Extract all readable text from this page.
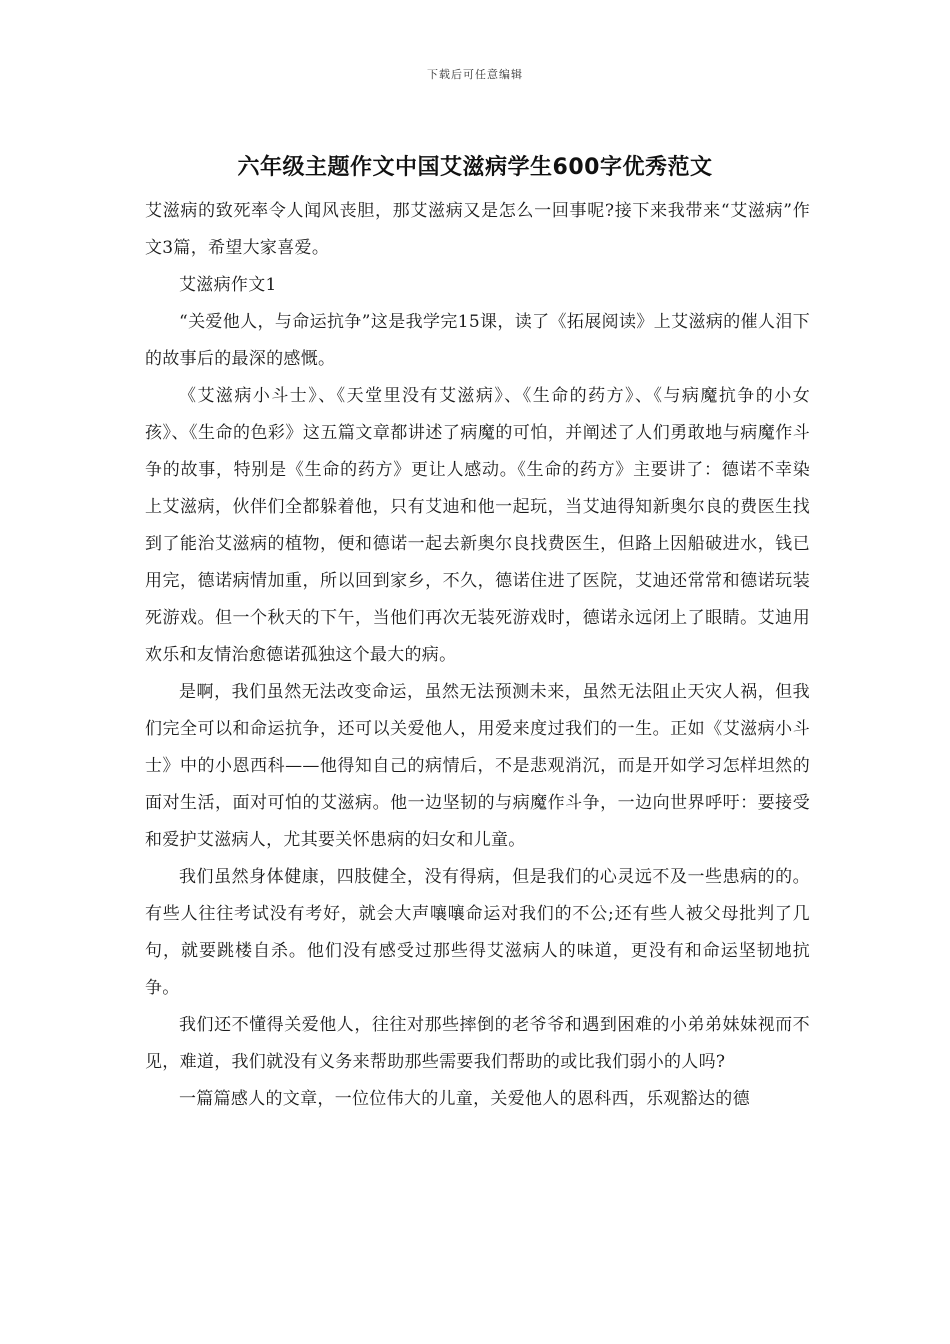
下载后可任意编辑
六年级主题作文中国艾滋病学生600字优秀范文

艾滋病的致死率令人闻风丧胆，那艾滋病又是怎么一回事呢?接下来我带来“艾滋病”作文3篇，希望大家喜爱。

艾滋病作文1

“关爱他人，与命运抗争”这是我学完15课，读了《拓展阅读》上艾滋病的催人泪下的故事后的最深的感慨。

《艾滋病小斗士》、《天堂里没有艾滋病》、《生命的药方》、《与病魔抗争的小女孩》、《生命的色彩》这五篇文章都讲述了病魔的可怕，并阐述了人们勇敢地与病魔作斗争的故事，特别是《生命的药方》更让人感动。《生命的药方》主要讲了：德诺不幸染上艾滋病，伙伴们全都躲着他，只有艾迪和他一起玩，当艾迪得知新奥尔良的费医生找到了能治艾滋病的植物，便和德诺一起去新奥尔良找费医生，但路上因船破进水，钱已用完，德诺病情加重，所以回到家乡，不久，德诺住进了医院，艾迪还常常和德诺玩装死游戏。但一个秋天的下午，当他们再次无装死游戏时，德诺永远闭上了眼睛。艾迪用欢乐和友情治愈德诺孤独这个最大的病。

是啊，我们虽然无法改变命运，虽然无法预测未来，虽然无法阻止天灾人祸，但我们完全可以和命运抗争，还可以关爱他人，用爱来度过我们的一生。正如《艾滋病小斗士》中的小恩西科——他得知自己的病情后，不是悲观消沉，而是开如学习怎样坦然的面对生活，面对可怕的艾滋病。他一边坚韧的与病魔作斗争，一边向世界呼吁：要接受和爱护艾滋病人，尤其要关怀患病的妇女和儿童。

我们虽然身体健康，四肢健全，没有得病，但是我们的心灵远不及一些患病的的。有些人往往考试没有考好，就会大声嚷嚷命运对我们的不公;还有些人被父母批判了几句，就要跳楼自杀。他们没有感受过那些得艾滋病人的味道，更没有和命运坚韧地抗争。

我们还不懂得关爱他人，往往对那些摔倒的老爷爷和遇到困难的小弟弟妹妹视而不见，难道，我们就没有义务来帮助那些需要我们帮助的或比我们弱小的人吗?

一篇篇感人的文章，一位位伟大的儿童，关爱他人的恩科西，乐观豁达的德
